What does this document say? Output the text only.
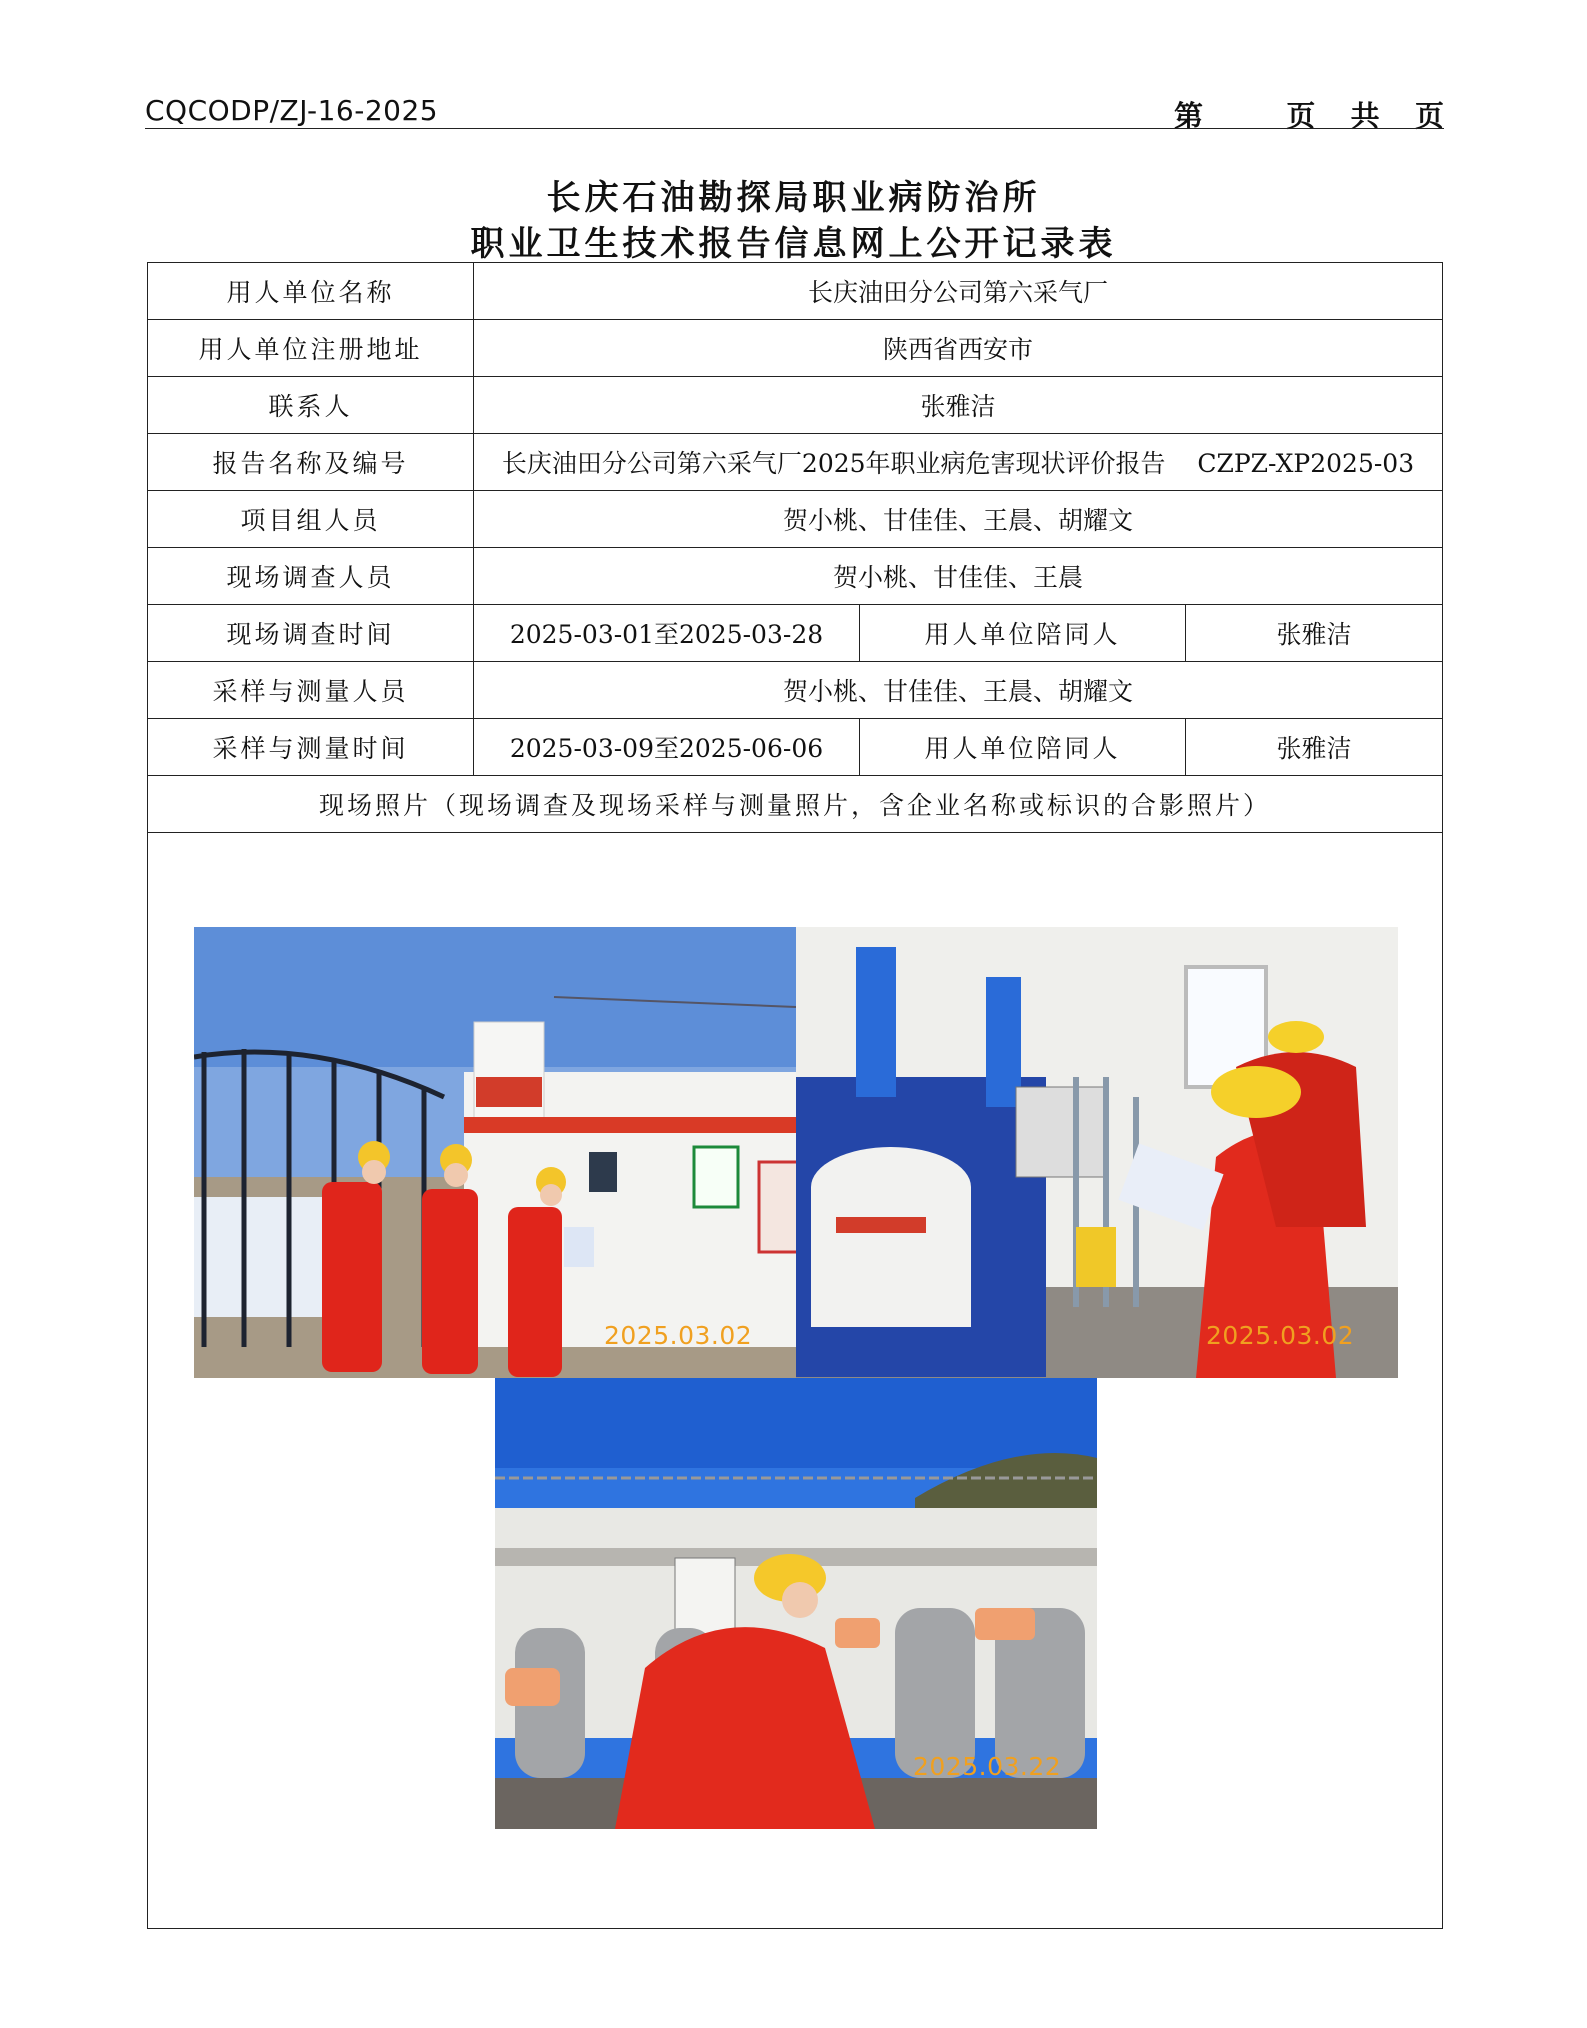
CQCODP/ZJ-16-2025	第	页 共 页
长庆石油勘探局职业病防治所
职业卫生技术报告信息网上公开记录表
用人单位名称	长庆油田分公司第六采气厂		
用人单位注册地址	陕西省西安市		
联系人	张雅洁		
报告名称及编号	长庆油田分公司第六采气厂2025年职业病危害现状评价报告 CZPZ-XP2025-03		
项目组人员	贺小桃、甘佳佳、王晨、胡耀文		
现场调查人员	贺小桃、甘佳佳、王晨		
现场调查时间	2025-03-01至2025-03-28	用人单位陪同人	张雅洁
采样与测量人员	贺小桃、甘佳佳、王晨、胡耀文		
采样与测量时间	2025-03-09至2025-06-06	用人单位陪同人	张雅洁
现场照片（现场调查及现场采样与测量照片，含企业名称或标识的合影照片）			

2025.03.02 2025.03.02
2025.03.22			
